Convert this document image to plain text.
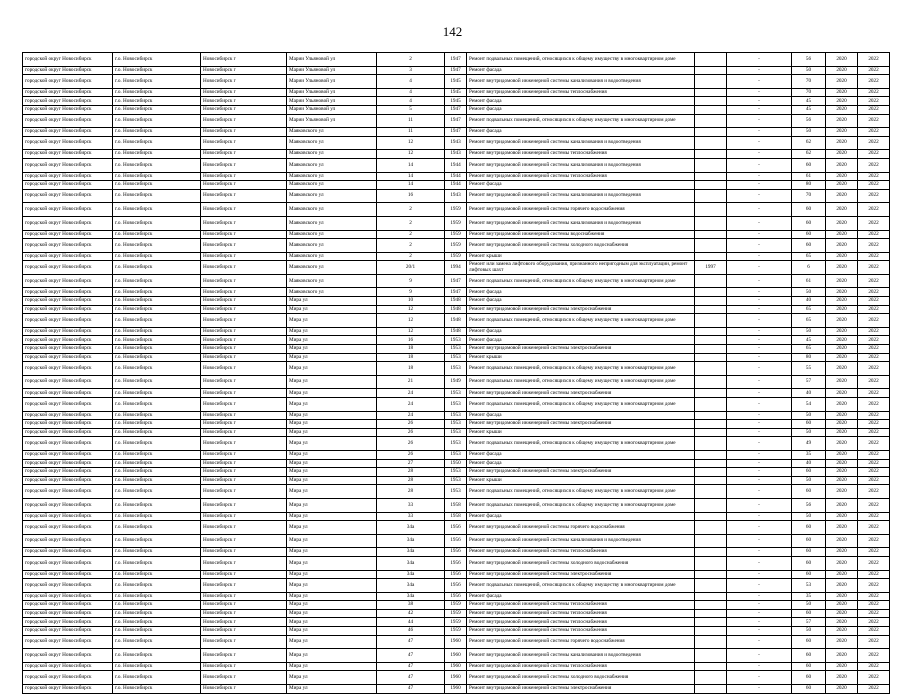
142
городской округ Новосибирск	г.о. Новосибирск	Новосибирск г	Марии Ульяновой ул	2	1947	Ремонт подвальных помещений, относящихся к общему имуществу в многоквартирном доме		-	56	2020	2022
городской округ Новосибирск	г.о. Новосибирск	Новосибирск г	Марии Ульяновой ул	3	1947	Ремонт фасада		-	50	2020	2022
городской округ Новосибирск	г.о. Новосибирск	Новосибирск г	Марии Ульяновой ул	4	1945	Ремонт внутридомовой инженерной системы канализования и водоотведения		-	70	2020	2022
городской округ Новосибирск	г.о. Новосибирск	Новосибирск г	Марии Ульяновой ул	4	1945	Ремонт внутридомовой инженерной системы теплоснабжения		-	70	2020	2022
городской округ Новосибирск	г.о. Новосибирск	Новосибирск г	Марии Ульяновой ул	4	1945	Ремонт фасада		-	45	2020	2022
городской округ Новосибирск	г.о. Новосибирск	Новосибирск г	Марии Ульяновой ул	5	1947	Ремонт фасада		-	45	2020	2022
городской округ Новосибирск	г.о. Новосибирск	Новосибирск г	Марии Ульяновой ул	11	1947	Ремонт подвальных помещений, относящихся к общему имуществу в многоквартирном доме		-	56	2020	2022
городской округ Новосибирск	г.о. Новосибирск	Новосибирск г	Маяковского ул	11	1947	Ремонт фасада		-	50	2020	2022
городской округ Новосибирск	г.о. Новосибирск	Новосибирск г	Маяковского ул	12	1943	Ремонт внутридомовой инженерной системы канализования и водоотведения		-	62	2020	2022
городской округ Новосибирск	г.о. Новосибирск	Новосибирск г	Маяковского ул	12	1943	Ремонт внутридомовой инженерной системы теплоснабжения		-	62	2020	2022
городской округ Новосибирск	г.о. Новосибирск	Новосибирск г	Маяковского ул	14	1944	Ремонт внутридомовой инженерной системы канализования и водоотведения		-	60	2020	2022
городской округ Новосибирск	г.о. Новосибирск	Новосибирск г	Маяковского ул	14	1944	Ремонт внутридомовой инженерной системы теплоснабжения		-	61	2020	2022
городской округ Новосибирск	г.о. Новосибирск	Новосибирск г	Маяковского ул	14	1944	Ремонт фасада		-	80	2020	2022
городской округ Новосибирск	г.о. Новосибирск	Новосибирск г	Маяковского ул	16	1943	Ремонт внутридомовой инженерной системы канализования и водоотведения		-	70	2020	2022
городской округ Новосибирск	г.о. Новосибирск	Новосибирск г	Маяковского ул	2	1959	Ремонт внутридомовой инженерной системы горячего водоснабжения		-	60	2020	2022
городской округ Новосибирск	г.о. Новосибирск	Новосибирск г	Маяковского ул	2	1959	Ремонт внутридомовой инженерной системы канализования и водоотведения		-	60	2020	2022
городской округ Новосибирск	г.о. Новосибирск	Новосибирск г	Маяковского ул	2	1959	Ремонт внутридомовой инженерной системы водоснабжения		-	60	2020	2022
городской округ Новосибирск	г.о. Новосибирск	Новосибирск г	Маяковского ул	2	1959	Ремонт внутридомовой инженерной системы холодного водоснабжения		-	60	2020	2022
городской округ Новосибирск	г.о. Новосибирск	Новосибирск г	Маяковского ул	2	1959	Ремонт крыши		-	65	2020	2022
городской округ Новосибирск	г.о. Новосибирск	Новосибирск г	Маяковского ул	20/1	1994	Ремонт или замена лифтового оборудования, признанного непригодным для эксплуатации, ремонт лифтовых шахт	1997	-	6	2020	2022
городской округ Новосибирск	г.о. Новосибирск	Новосибирск г	Маяковского ул	9	1947	Ремонт подвальных помещений, относящихся к общему имуществу в многоквартирном доме		-	61	2020	2022
городской округ Новосибирск	г.о. Новосибирск	Новосибирск г	Маяковского ул	9	1947	Ремонт фасада		-	50	2020	2022
городской округ Новосибирск	г.о. Новосибирск	Новосибирск г	Мира ул	10	1948	Ремонт фасада		-	40	2020	2022
городской округ Новосибирск	г.о. Новосибирск	Новосибирск г	Мира ул	12	1948	Ремонт внутридомовой инженерной системы электроснабжения		-	65	2020	2022
городской округ Новосибирск	г.о. Новосибирск	Новосибирск г	Мира ул	12	1948	Ремонт подвальных помещений, относящихся к общему имуществу в многоквартирном доме		-	65	2020	2022
городской округ Новосибирск	г.о. Новосибирск	Новосибирск г	Мира ул	12	1948	Ремонт фасада		-	50	2020	2022
городской округ Новосибирск	г.о. Новосибирск	Новосибирск г	Мира ул	16	1953	Ремонт фасада		-	45	2020	2022
городской округ Новосибирск	г.о. Новосибирск	Новосибирск г	Мира ул	18	1953	Ремонт внутридомовой инженерной системы электроснабжения		-	65	2020	2022
городской округ Новосибирск	г.о. Новосибирск	Новосибирск г	Мира ул	18	1953	Ремонт крыши		-	80	2020	2022
городской округ Новосибирск	г.о. Новосибирск	Новосибирск г	Мира ул	18	1953	Ремонт подвальных помещений, относящихся к общему имуществу в многоквартирном доме		-	55	2020	2022
городской округ Новосибирск	г.о. Новосибирск	Новосибирск г	Мира ул	21	1949	Ремонт подвальных помещений, относящихся к общему имуществу в многоквартирном доме		-	57	2020	2022
городской округ Новосибирск	г.о. Новосибирск	Новосибирск г	Мира ул	24	1953	Ремонт внутридомовой инженерной системы электроснабжения		-	40	2020	2022
городской округ Новосибирск	г.о. Новосибирск	Новосибирск г	Мира ул	24	1953	Ремонт подвальных помещений, относящихся к общему имуществу в многоквартирном доме		-	54	2020	2022
городской округ Новосибирск	г.о. Новосибирск	Новосибирск г	Мира ул	24	1953	Ремонт фасада		-	50	2020	2022
городской округ Новосибирск	г.о. Новосибирск	Новосибирск г	Мира ул	26	1953	Ремонт внутридомовой инженерной системы электроснабжения		-	60	2020	2022
городской округ Новосибирск	г.о. Новосибирск	Новосибирск г	Мира ул	26	1953	Ремонт крыши		-	50	2020	2022
городской округ Новосибирск	г.о. Новосибирск	Новосибирск г	Мира ул	26	1953	Ремонт подвальных помещений, относящихся к общему имуществу в многоквартирном доме		-	49	2020	2022
городской округ Новосибирск	г.о. Новосибирск	Новосибирск г	Мира ул	26	1953	Ремонт фасада		-	35	2020	2022
городской округ Новосибирск	г.о. Новосибирск	Новосибирск г	Мира ул	27	1950	Ремонт фасада		-	40	2020	2022
городской округ Новосибирск	г.о. Новосибирск	Новосибирск г	Мира ул	28	1953	Ремонт внутридомовой инженерной системы электроснабжения		-	60	2020	2022
городской округ Новосибирск	г.о. Новосибирск	Новосибирск г	Мира ул	28	1953	Ремонт крыши		-	50	2020	2022
городской округ Новосибирск	г.о. Новосибирск	Новосибирск г	Мира ул	28	1953	Ремонт подвальных помещений, относящихся к общему имуществу в многоквартирном доме		-	60	2020	2022
городской округ Новосибирск	г.о. Новосибирск	Новосибирск г	Мира ул	33	1958	Ремонт подвальных помещений, относящихся к общему имуществу в многоквартирном доме		-	56	2020	2022
городской округ Новосибирск	г.о. Новосибирск	Новосибирск г	Мира ул	33	1958	Ремонт фасада		-	50	2020	2022
городской округ Новосибирск	г.о. Новосибирск	Новосибирск г	Мира ул	34а	1956	Ремонт внутридомовой инженерной системы горячего водоснабжения		-	60	2020	2022
городской округ Новосибирск	г.о. Новосибирск	Новосибирск г	Мира ул	34а	1956	Ремонт внутридомовой инженерной системы канализования и водоотведения		-	60	2020	2022
городской округ Новосибирск	г.о. Новосибирск	Новосибирск г	Мира ул	34а	1956	Ремонт внутридомовой инженерной системы теплоснабжения		-	60	2020	2022
городской округ Новосибирск	г.о. Новосибирск	Новосибирск г	Мира ул	34а	1956	Ремонт внутридомовой инженерной системы холодного водоснабжения		-	60	2020	2022
городской округ Новосибирск	г.о. Новосибирск	Новосибирск г	Мира ул	34а	1956	Ремонт внутридомовой инженерной системы электроснабжения		-	60	2020	2022
городской округ Новосибирск	г.о. Новосибирск	Новосибирск г	Мира ул	34а	1956	Ремонт подвальных помещений, относящихся к общему имуществу в многоквартирном доме		-	53	2020	2022
городской округ Новосибирск	г.о. Новосибирск	Новосибирск г	Мира ул	34а	1956	Ремонт фасада		-	35	2020	2022
городской округ Новосибирск	г.о. Новосибирск	Новосибирск г	Мира ул	38	1959	Ремонт внутридомовой инженерной системы теплоснабжения		-	50	2020	2022
городской округ Новосибирск	г.о. Новосибирск	Новосибирск г	Мира ул	42	1959	Ремонт внутридомовой инженерной системы теплоснабжения		-	60	2020	2022
городской округ Новосибирск	г.о. Новосибирск	Новосибирск г	Мира ул	44	1959	Ремонт внутридомовой инженерной системы теплоснабжения		-	57	2020	2022
городской округ Новосибирск	г.о. Новосибирск	Новосибирск г	Мира ул	46	1959	Ремонт внутридомовой инженерной системы теплоснабжения		-	50	2020	2022
городской округ Новосибирск	г.о. Новосибирск	Новосибирск г	Мира ул	47	1960	Ремонт внутридомовой инженерной системы горячего водоснабжения		-	60	2020	2022
городской округ Новосибирск	г.о. Новосибирск	Новосибирск г	Мира ул	47	1960	Ремонт внутридомовой инженерной системы канализования и водоотведения		-	60	2020	2022
городской округ Новосибирск	г.о. Новосибирск	Новосибирск г	Мира ул	47	1960	Ремонт внутридомовой инженерной системы теплоснабжения		-	60	2020	2022
городской округ Новосибирск	г.о. Новосибирск	Новосибирск г	Мира ул	47	1960	Ремонт внутридомовой инженерной системы холодного водоснабжения		-	60	2020	2022
городской округ Новосибирск	г.о. Новосибирск	Новосибирск г	Мира ул	47	1960	Ремонт внутридомовой инженерной системы электроснабжения		-	60	2020	2022
